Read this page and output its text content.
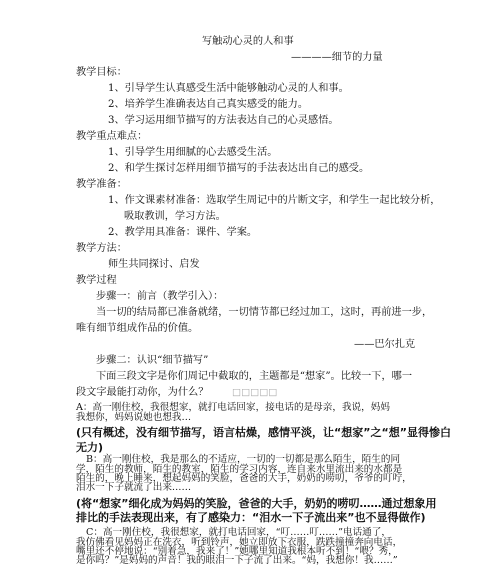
写触动心灵的人和事
————细节的力量
教学目标：
1、引导学生认真感受生活中能够触动心灵的人和事。
2、培养学生准确表达自己真实感受的能力。
3、学习运用细节描写的方法表达自己的心灵感悟。
教学重点难点：
1、引导学生用细腻的心去感受生活。
2、和学生探讨怎样用细节描写的手法表达出自己的感受。
教学准备：
1、作文课素材准备：选取学生周记中的片断文字，和学生一起比较分析，
吸取教训，学习方法。
2、教学用具准备：课件、学案。
教学方法：
师生共同探讨、启发
教学过程
步骤一：前言（教学引入）：
当一切的结局都已准备就绪，一切情节都已经过加工，这时，再前进一步，
唯有细节组成作品的价值。
——巴尔扎克
步骤二：认识“细节描写”
下面三段文字是你们周记中截取的，主题都是“想家”。比较一下，哪一
段文字最能打动你，为什么？ □□□□□
A：高一刚住校，我很想家，就打电话回家，接电话的是母亲，我说，妈妈
我想你，妈妈说她也想我…
(只有概述，没有细节描写，语言枯燥，感情平淡，让“想家”之“想”显得惨白
无力)
B：高一刚住校，我是那么的不适应，一切的一切都是那么陌生，陌生的同
学，陌生的教师，陌生的教室，陌生的学习内容，连自来水里流出来的水都是
陌生的，晚上睡来，想起妈妈的笑脸，爸爸的大手，奶奶的唠叨，爷爷的叮咛，
泪水一下子就流了出来……
(将“想家”细化成为妈妈的笑脸，爸爸的大手，奶奶的唠叨……通过想象用
排比的手法表现出来，有了感染力：“泪水一下子流出来”也不显得做作)
C：高一刚住校，我很想家，就打电话回家，“叮……叮……”电话通了，
我仿佛看见妈妈正在洗衣，听到铃声，她立即放下衣服，跌跌撞撞奔向电话，
嘴里还不停地说：“别着急，我来了！”她哪里知道我根本听不到！“喂？秀，
是你吗？”是妈妈的声音！我的眼泪一下子流了出来。“妈，我想你！我……”
